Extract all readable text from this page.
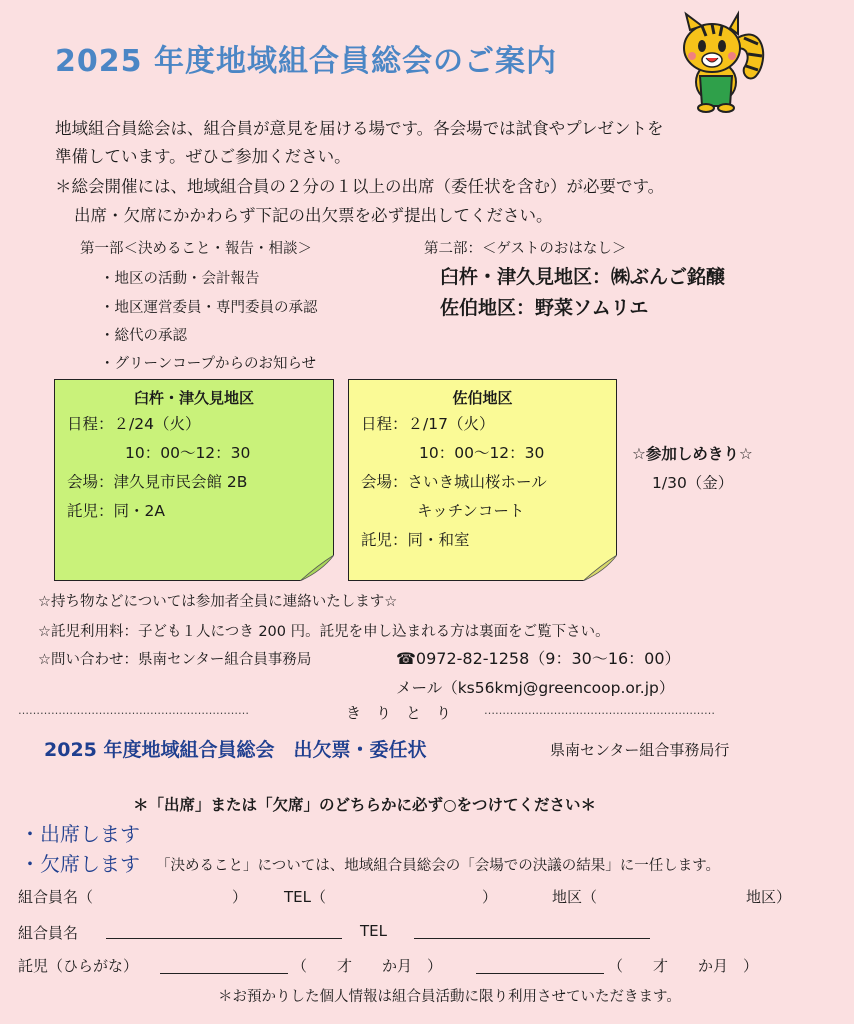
2025 年度地域組合員総会のご案内
地域組合員総会は、組合員が意見を届ける場です。各会場では試食やプレゼントを
準備しています。ぜひご参加ください。
＊総会開催には、地域組合員の２分の１以上の出席（委任状を含む）が必要です。
出席・欠席にかかわらず下記の出欠票を必ず提出してください。
第一部＜決めること・報告・相談＞
・地区の活動・会計報告
・地区運営委員・専門委員の承認
・総代の承認
・グリーンコープからのお知らせ
第二部：＜ゲストのおはなし＞
臼杵・津久見地区：㈱ぶんご銘醸
佐伯地区：野菜ソムリエ
臼杵・津久見地区
日程：２/24（火）
10：00〜12：30
会場：津久見市民会館 2B
託児：同・2A
佐伯地区
日程：２/17（火）
10：00〜12：30
会場：さいき城山桜ホール
キッチンコート
託児：同・和室
☆参加しめきり☆
1/30（金）
☆持ち物などについては参加者全員に連絡いたします☆
☆託児利用料：子ども１人につき 200 円。託児を申し込まれる方は裏面をご覧下さい。
☆問い合わせ：県南センター組合員事務局	☎0972-82-1258（9：30〜16：00）
メール（ks56kmj@greencoop.or.jp）
………………………………………………………	き　り　と　り	………………………………………………………
2025 年度地域組合員総会　出欠票・委任状	県南センター組合事務局行
＊「出席」または「欠席」のどちらかに必ず○をつけてください＊
・出席します
・欠席します 「決めること」については、地域組合員総会の「会場での決議の結果」に一任します。
組合員名（	） TEL（	）	地区（	地区）
組合員名	TEL
託児（ひらがな）	（　　才　　か月　）	（　　才　　か月　）
＊お預かりした個人情報は組合員活動に限り利用させていただきます。
